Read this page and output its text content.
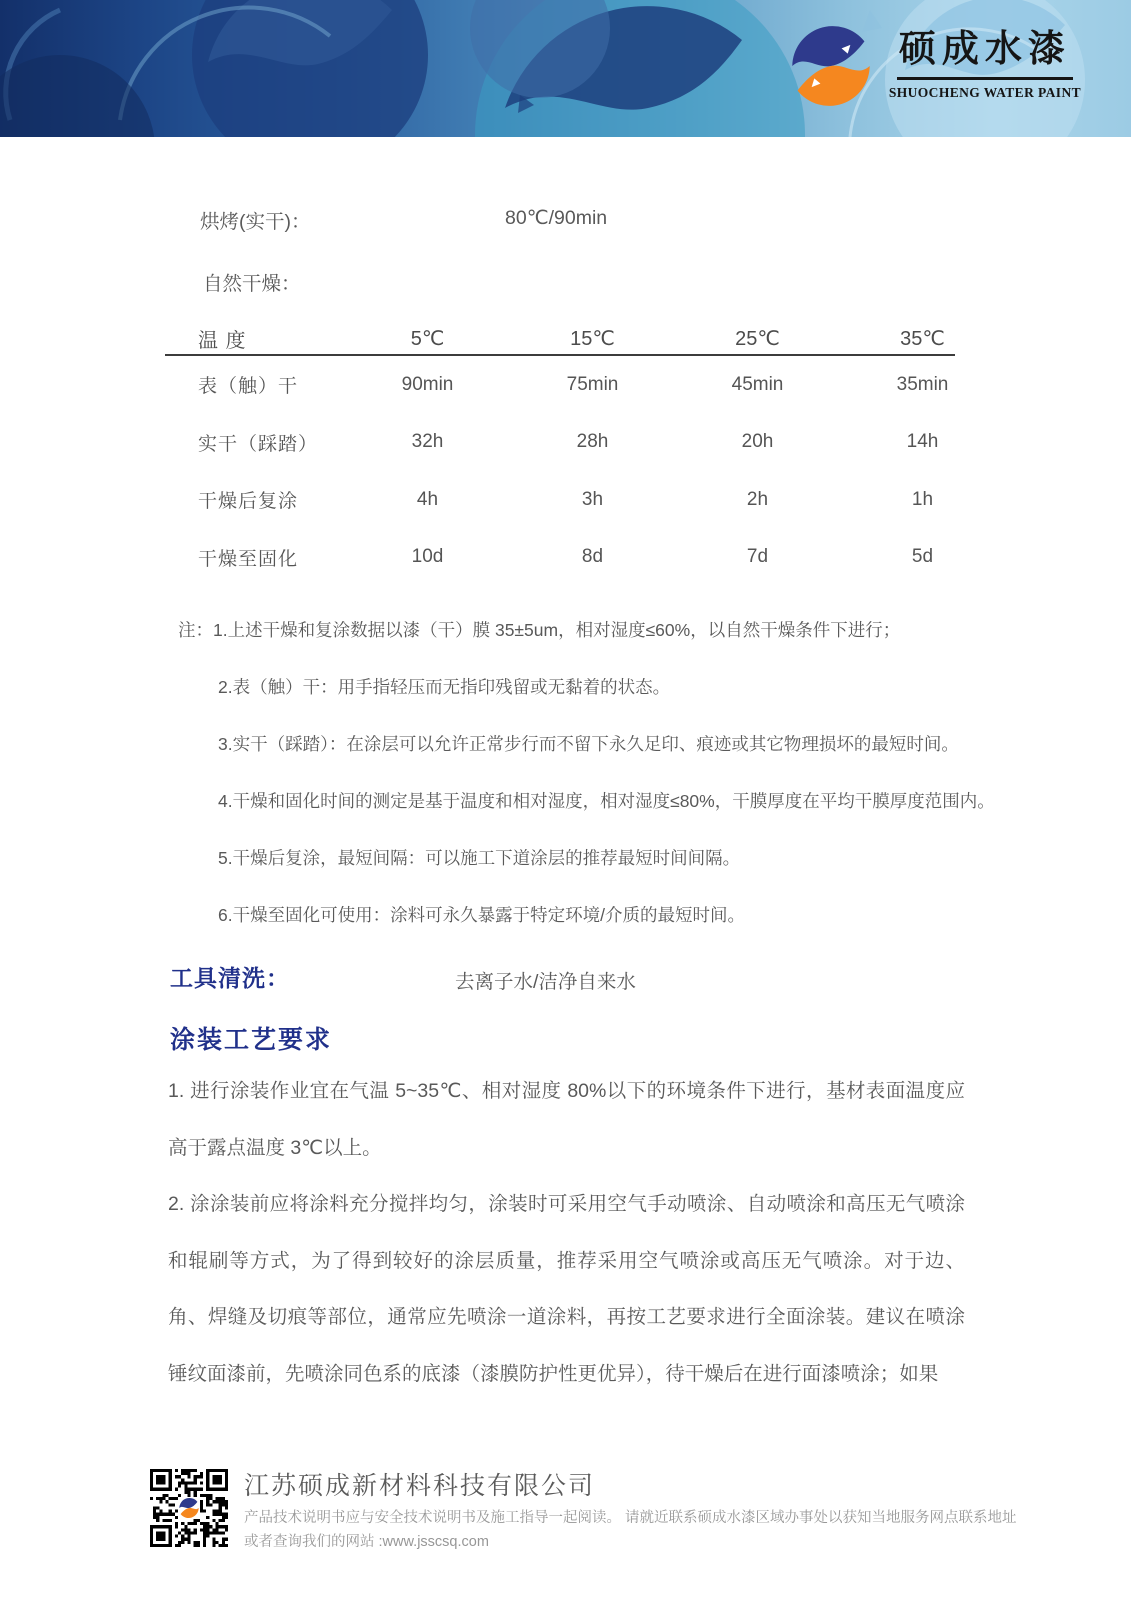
硕成水漆
SHUOCHENG WATER PAINT
烘烤(实干)：	80℃/90min
自然干燥：
温 度	5℃	15℃	25℃	35℃
表（触）干	90min	75min	45min	35min
实干（踩踏）	32h	28h	20h	14h
干燥后复涂	4h	3h	2h	1h
干燥至固化	10d	8d	7d	5d
注：1.上述干燥和复涂数据以漆（干）膜 35±5um，相对湿度≤60%，以自然干燥条件下进行；
2.表（触）干：用手指轻压而无指印残留或无黏着的状态。
3.实干（踩踏）：在涂层可以允许正常步行而不留下永久足印、痕迹或其它物理损坏的最短时间。
4.干燥和固化时间的测定是基于温度和相对湿度，相对湿度≤80%，干膜厚度在平均干膜厚度范围内。
5.干燥后复涂，最短间隔：可以施工下道涂层的推荐最短时间间隔。
6.干燥至固化可使用：涂料可永久暴露于特定环境/介质的最短时间。
工具清洗：	去离子水/洁净自来水
涂装工艺要求

1. 进行涂装作业宜在气温 5~35℃、相对湿度 80%以下的环境条件下进行，基材表面温度应高于露点温度 3℃以上。

2. 涂涂装前应将涂料充分搅拌均匀，涂装时可采用空气手动喷涂、自动喷涂和高压无气喷涂和辊刷等方式，为了得到较好的涂层质量，推荐采用空气喷涂或高压无气喷涂。对于边、角、焊缝及切痕等部位，通常应先喷涂一道涂料，再按工艺要求进行全面涂装。建议在喷涂锤纹面漆前，先喷涂同色系的底漆（漆膜防护性更优异），待干燥后在进行面漆喷涂；如果

江苏硕成新材料科技有限公司
产品技术说明书应与安全技术说明书及施工指导一起阅读。 请就近联系硕成水漆区域办事处以获知当地服务网点联系地址
或者查询我们的网站 :www.jsscsq.com
